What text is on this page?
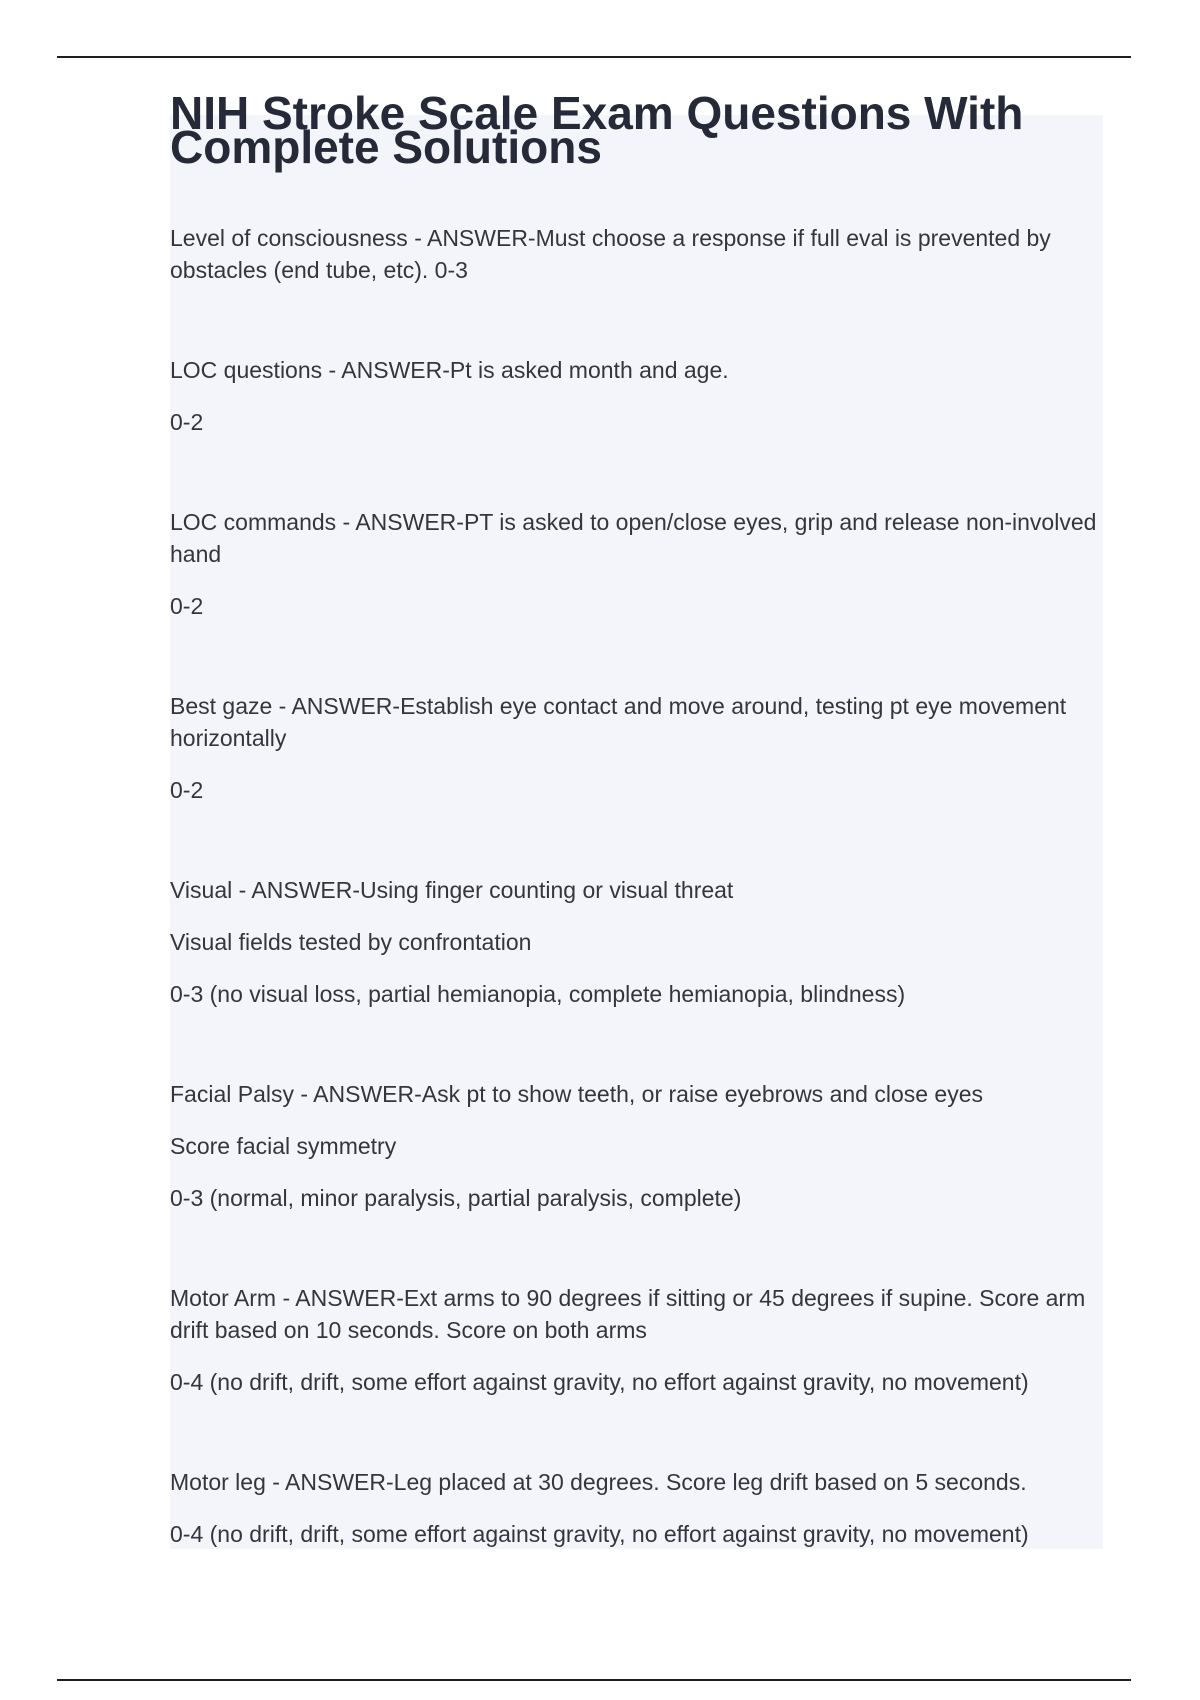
NIH Stroke Scale Exam Questions With Complete Solutions

Level of consciousness - ANSWER-Must choose a response if full eval is prevented by obstacles (end tube, etc). 0-3

LOC questions - ANSWER-Pt is asked month and age.

0-2

LOC commands - ANSWER-PT is asked to open/close eyes, grip and release non-involved hand

0-2

Best gaze - ANSWER-Establish eye contact and move around, testing pt eye movement horizontally

0-2

Visual - ANSWER-Using finger counting or visual threat

Visual fields tested by confrontation

0-3 (no visual loss, partial hemianopia, complete hemianopia, blindness)

Facial Palsy - ANSWER-Ask pt to show teeth, or raise eyebrows and close eyes

Score facial symmetry

0-3 (normal, minor paralysis, partial paralysis, complete)

Motor Arm - ANSWER-Ext arms to 90 degrees if sitting or 45 degrees if supine. Score arm drift based on 10 seconds. Score on both arms

0-4 (no drift, drift, some effort against gravity, no effort against gravity, no movement)

Motor leg - ANSWER-Leg placed at 30 degrees. Score leg drift based on 5 seconds.

0-4 (no drift, drift, some effort against gravity, no effort against gravity, no movement)
